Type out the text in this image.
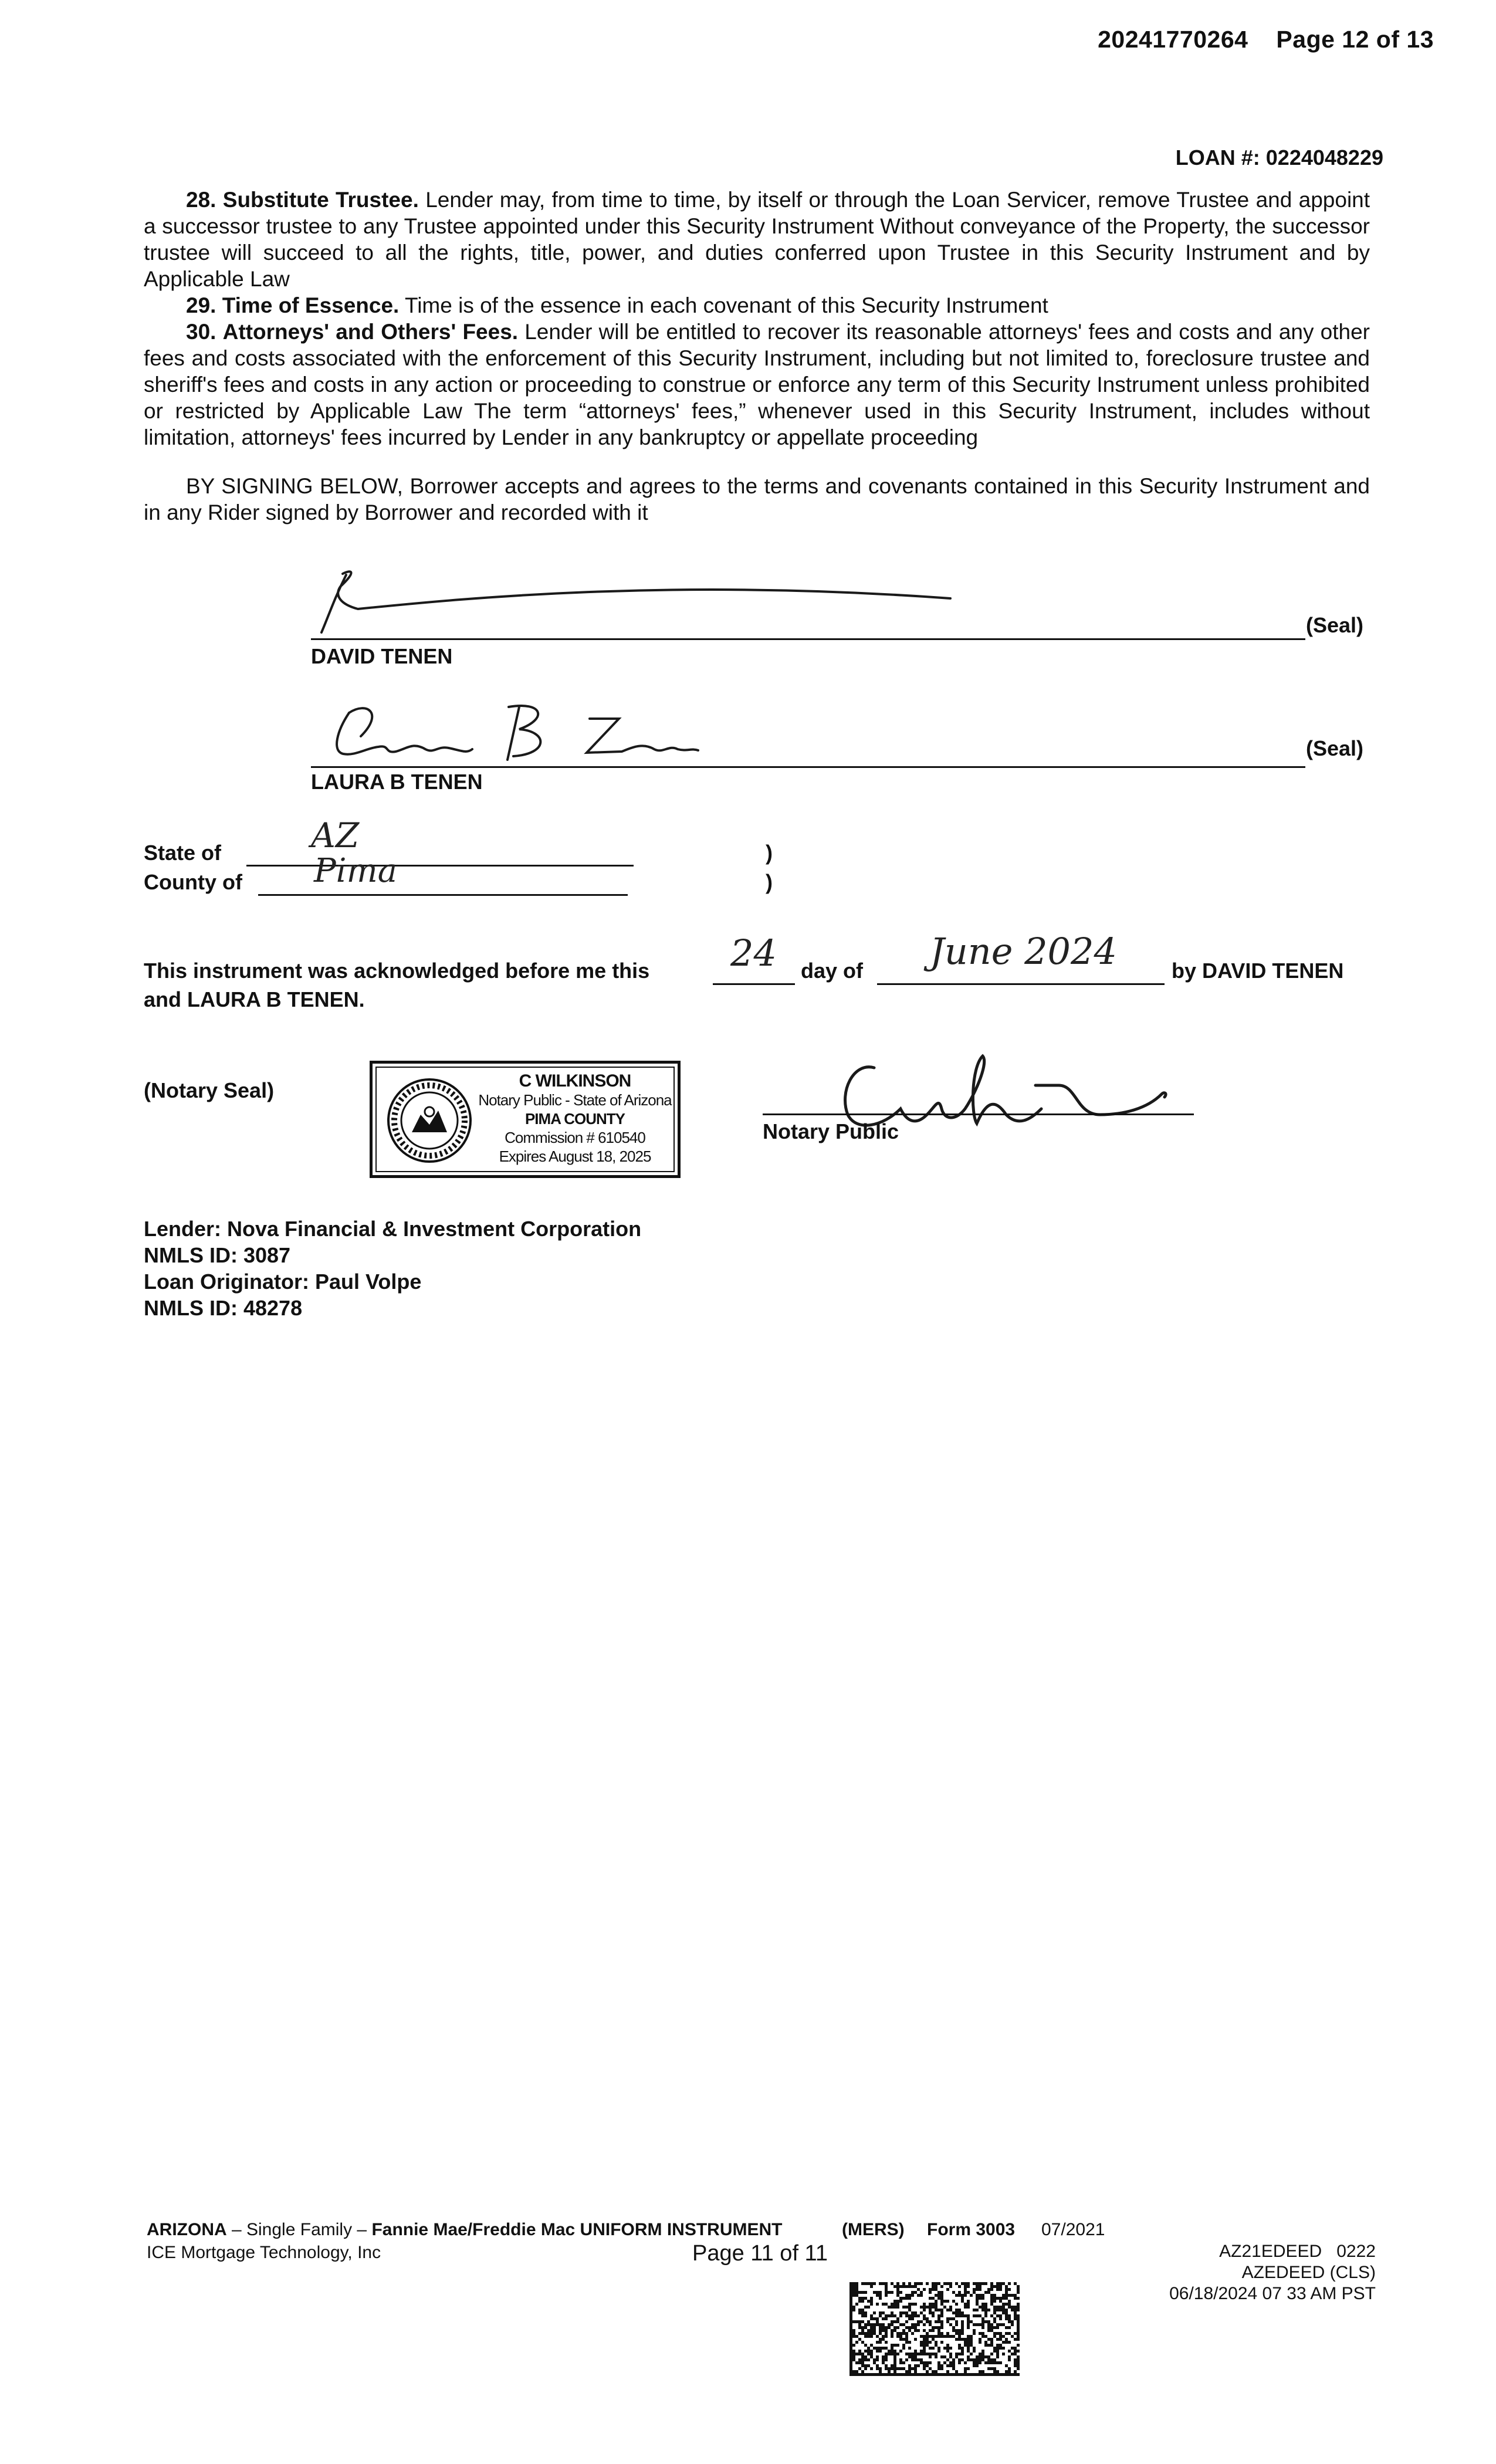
20241770264 Page 12 of 13
LOAN #: 0224048229

28. Substitute Trustee. Lender may, from time to time, by itself or through the Loan Servicer, remove Trustee and appoint a successor trustee to any Trustee appointed under this Security Instrument Without conveyance of the Property, the successor trustee will succeed to all the rights, title, power, and duties conferred upon Trustee in this Security Instrument and by Applicable Law

29. Time of Essence. Time is of the essence in each covenant of this Security Instrument

30. Attorneys' and Others' Fees. Lender will be entitled to recover its reasonable attorneys' fees and costs and any other fees and costs associated with the enforcement of this Security Instrument, including but not limited to, foreclosure trustee and sheriff's fees and costs in any action or proceeding to construe or enforce any term of this Security Instrument unless prohibited or restricted by Applicable Law The term “attorneys' fees,” whenever used in this Security Instrument, includes without limitation, attorneys' fees incurred by Lender in any bankruptcy or appellate proceeding

BY SIGNING BELOW, Borrower accepts and agrees to the terms and covenants contained in this Security Instrument and in any Rider signed by Borrower and recorded with it

(Seal)
DAVID TENEN
(Seal)
LAURA B TENEN
State of	AZ	)
County of Pima	)
This instrument was acknowledged before me this 24 day of June 2024	by DAVID TENEN
and LAURA B TENEN.
(Notary Seal)	C WILKINSON
Notary Public - State of Arizona
PIMA COUNTY
Commission # 610540
Expires August 18, 2025
Notary Public
Lender: Nova Financial & Investment Corporation
NMLS ID: 3087
Loan Originator: Paul Volpe
NMLS ID: 48278
ARIZONA – Single Family – Fannie Mae/Freddie Mac UNIFORM INSTRUMENT	(MERS) Form 3003 07/2021
ICE Mortgage Technology, Inc	Page 11 of 11	AZ21EDEED 0222
AZEDEED (CLS)
06/18/2024 07 33 AM PST
